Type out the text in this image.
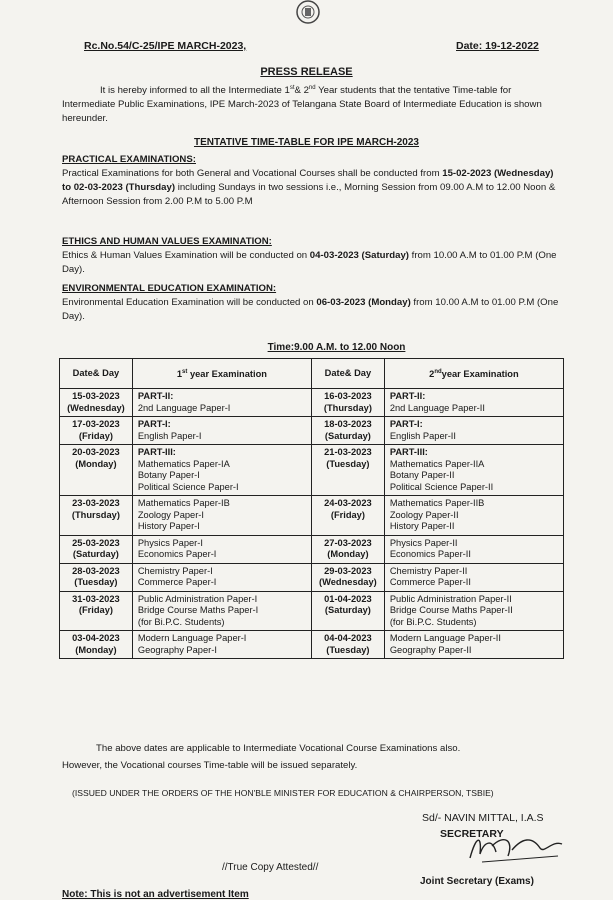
Rc.No.54/C-25/IPE MARCH-2023,	Date: 19-12-2022
PRESS RELEASE
It is hereby informed to all the Intermediate 1st& 2nd Year students that the tentative Time-table for Intermediate Public Examinations, IPE March-2023 of Telangana State Board of Intermediate Education is shown hereunder.
TENTATIVE TIME-TABLE FOR IPE MARCH-2023
PRACTICAL EXAMINATIONS:
Practical Examinations for both General and Vocational Courses shall be conducted from 15-02-2023 (Wednesday) to 02-03-2023 (Thursday) including Sundays in two sessions i.e., Morning Session from 09.00 A.M to 12.00 Noon & Afternoon Session from 2.00 P.M to 5.00 P.M
ETHICS AND HUMAN VALUES EXAMINATION:
Ethics & Human Values Examination will be conducted on 04-03-2023 (Saturday) from 10.00 A.M to 01.00 P.M (One Day).
ENVIRONMENTAL EDUCATION EXAMINATION:
Environmental Education Examination will be conducted on 06-03-2023 (Monday) from 10.00 A.M to 01.00 P.M (One Day).
Time:9.00 A.M. to 12.00 Noon
Date& Day	1st year Examination	Date& Day	2ndyear Examination

15-03-2023
(Wednesday)	PART-II:
2nd Language Paper-I	16-03-2023
(Thursday)	PART-II:
2nd Language Paper-II

17-03-2023
(Friday)	PART-I:
English Paper-I	18-03-2023
(Saturday)	PART-I:
English Paper-II

20-03-2023
(Monday)	PART-III:
Mathematics Paper-IA
Botany Paper-I
Political Science Paper-I	21-03-2023
(Tuesday)	PART-III:
Mathematics Paper-IIA
Botany Paper-II
Political Science Paper-II

23-03-2023
(Thursday)	Mathematics Paper-IB
Zoology Paper-I
History Paper-I	24-03-2023
(Friday)	Mathematics Paper-IIB
Zoology Paper-II
History Paper-II

25-03-2023
(Saturday)	Physics Paper-I
Economics Paper-I	27-03-2023
(Monday)	Physics Paper-II
Economics Paper-II

28-03-2023
(Tuesday)	Chemistry Paper-I
Commerce Paper-I	29-03-2023
(Wednesday)	Chemistry Paper-II
Commerce Paper-II

31-03-2023
(Friday)	Public Administration Paper-I
Bridge Course Maths Paper-I
(for Bi.P.C. Students)	01-04-2023
(Saturday)	Public Administration Paper-II
Bridge Course Maths Paper-II
(for Bi.P.C. Students)

03-04-2023
(Monday)	Modern Language Paper-I
Geography Paper-I	04-04-2023
(Tuesday)	Modern Language Paper-II
Geography Paper-II
The above dates are applicable to Intermediate Vocational Course Examinations also.
However, the Vocational courses Time-table will be issued separately.
(ISSUED UNDER THE ORDERS OF THE HON'BLE MINISTER FOR EDUCATION & CHAIRPERSON, TSBIE)
Sd/- NAVIN MITTAL, I.A.S
SECRETARY
//True Copy Attested//
Joint Secretary (Exams)
Note: This is not an advertisement Item
